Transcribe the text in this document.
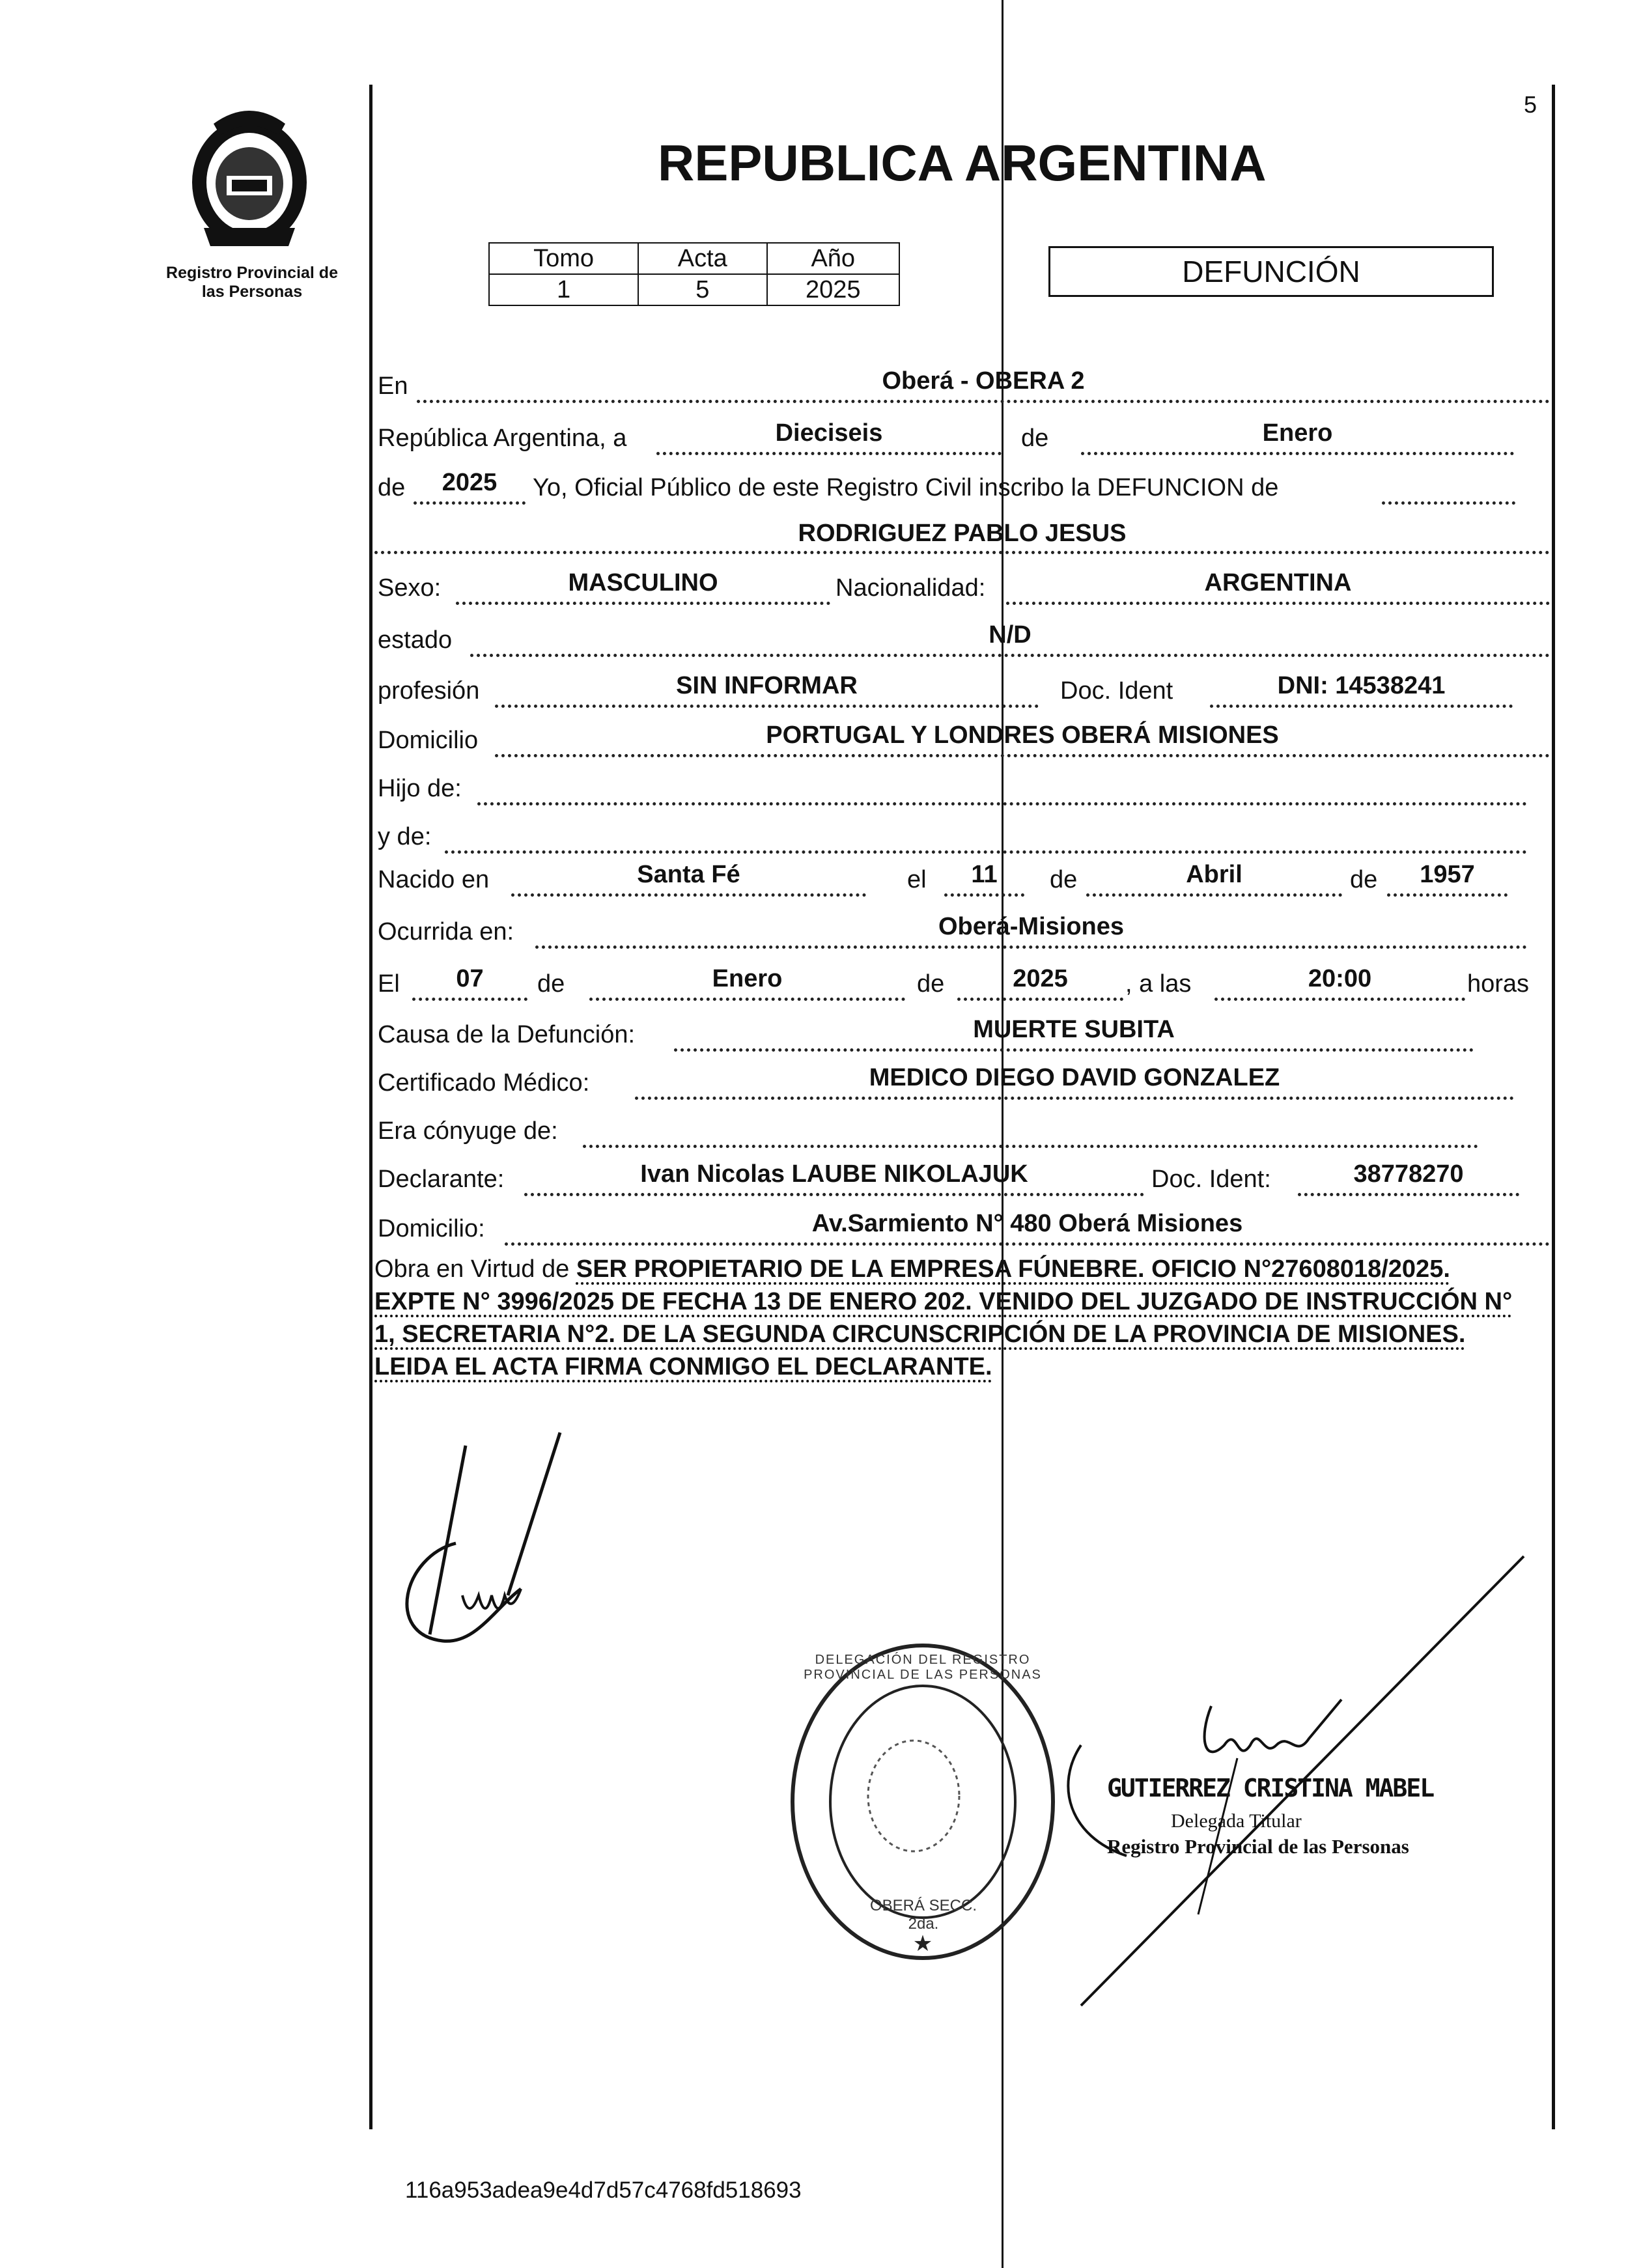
5
Registro Provincial de
las Personas
REPUBLICA ARGENTINA
Tomo	Acta	Año
1	5	2025
DEFUNCIÓN
En	Oberá - OBERA 2
República Argentina, a	Dieciseis	de	Enero
de	2025	Yo, Oficial Público de este Registro Civil inscribo la DEFUNCION de
RODRIGUEZ PABLO JESUS
Sexo:	MASCULINO	Nacionalidad:	ARGENTINA
estado	N/D
profesión	SIN INFORMAR	Doc. Ident	DNI: 14538241
Domicilio	PORTUGAL Y LONDRES OBERÁ MISIONES
Hijo de:
y de:
Nacido en	Santa Fé	el	11	de	Abril	de	1957
Ocurrida en:	Oberá-Misiones
El	07	de	Enero	de	2025	, a las	20:00	horas
Causa de la Defunción:	MUERTE SUBITA
Certificado Médico:	MEDICO DIEGO DAVID GONZALEZ
Era cónyuge de:
Declarante:	Ivan Nicolas LAUBE NIKOLAJUK	Doc. Ident:	38778270
Domicilio:	Av.Sarmiento N° 480 Oberá Misiones
Obra en Virtud de SER PROPIETARIO DE LA EMPRESA FÚNEBRE. OFICIO N°27608018/2025. EXPTE N° 3996/2025 DE FECHA 13 DE ENERO 202. VENIDO DEL JUZGADO DE INSTRUCCIÓN N° 1, SECRETARIA N°2. DE LA SEGUNDA CIRCUNSCRIPCIÓN DE LA PROVINCIA DE MISIONES. LEIDA EL ACTA FIRMA CONMIGO EL DECLARANTE.
★
DELEGACIÓN DEL REGISTRO PROVINCIAL DE LAS PERSONAS
OBERÁ SECC. 2da.
GUTIERREZ CRISTINA MABEL
Delegada Titular
Registro Provincial de las Personas
116a953adea9e4d7d57c4768fd518693
